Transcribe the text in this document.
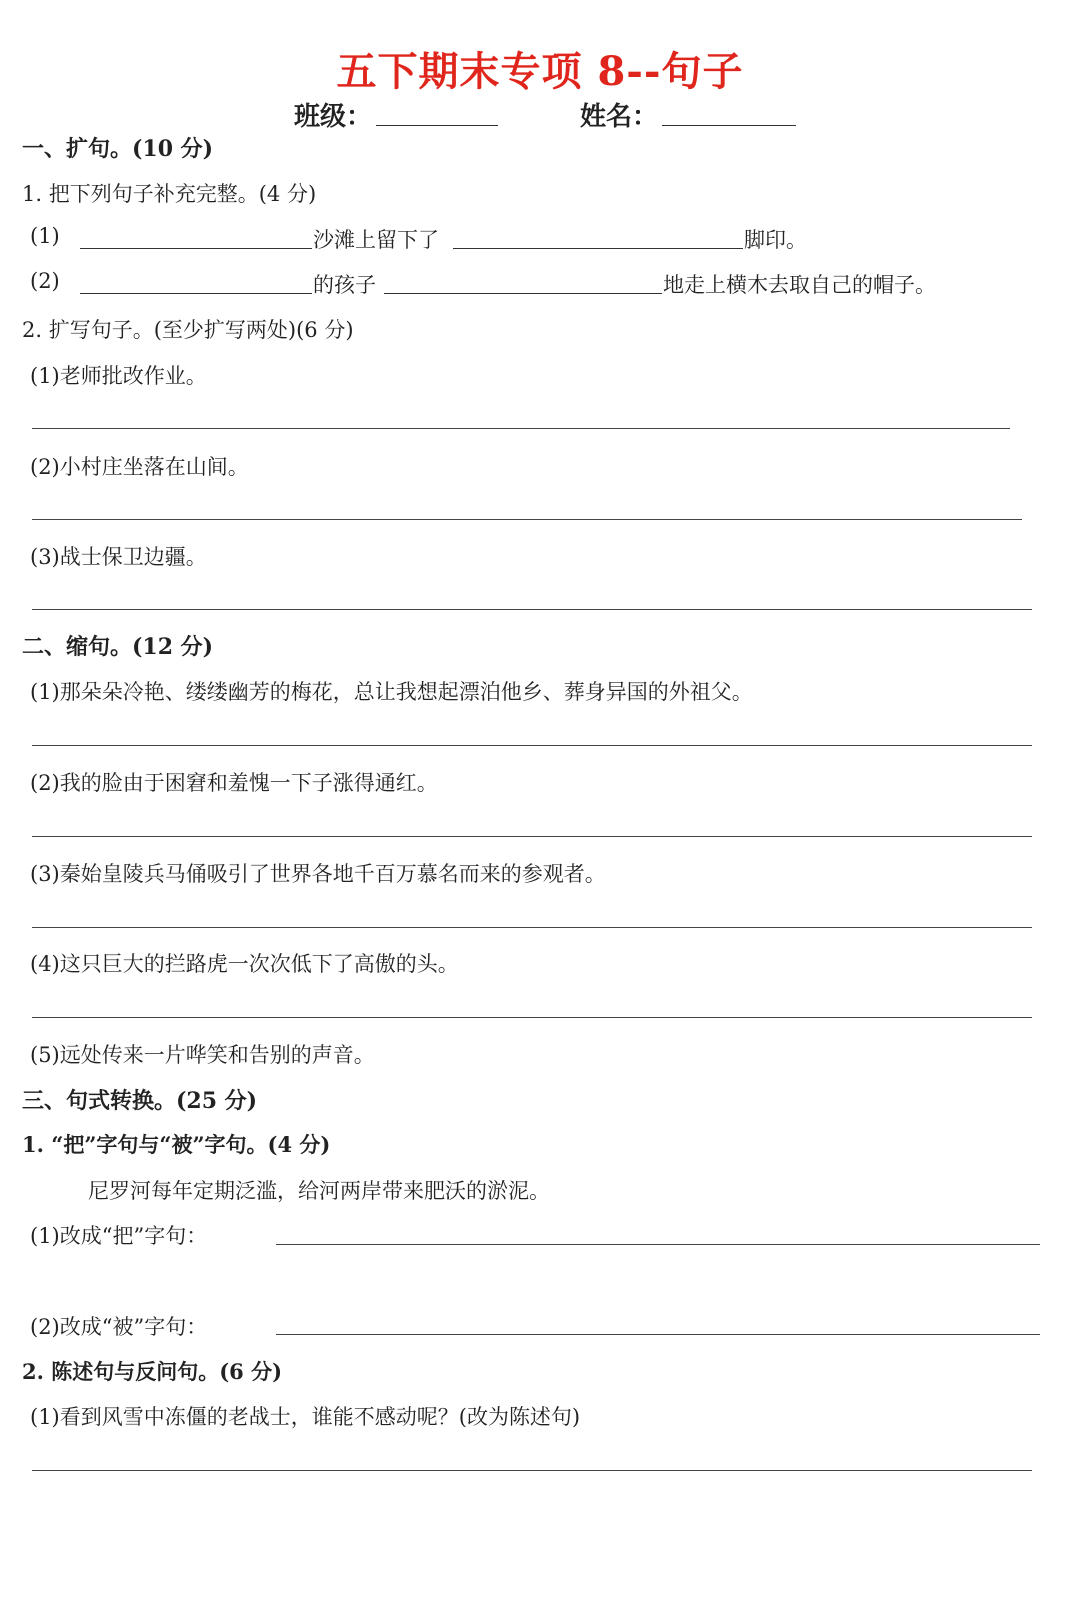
五下期末专项 8--句子
班级：	姓名：
一、扩句。(10 分)
1. 把下列句子补充完整。(4 分)
(1)	沙滩上留下了	脚印。
(2)	的孩子	地走上横木去取自己的帽子。
2. 扩写句子。(至少扩写两处)(6 分)
(1)老师批改作业。
(2)小村庄坐落在山间。
(3)战士保卫边疆。
二、缩句。(12 分)
(1)那朵朵冷艳、缕缕幽芳的梅花，总让我想起漂泊他乡、葬身异国的外祖父。
(2)我的脸由于困窘和羞愧一下子涨得通红。
(3)秦始皇陵兵马俑吸引了世界各地千百万慕名而来的参观者。
(4)这只巨大的拦路虎一次次低下了高傲的头。
(5)远处传来一片哗笑和告别的声音。
三、句式转换。(25 分)
1. “把”字句与“被”字句。(4 分)
尼罗河每年定期泛滥，给河两岸带来肥沃的淤泥。
(1)改成“把”字句：
(2)改成“被”字句：
2. 陈述句与反问句。(6 分)
(1)看到风雪中冻僵的老战士，谁能不感动呢？(改为陈述句)
